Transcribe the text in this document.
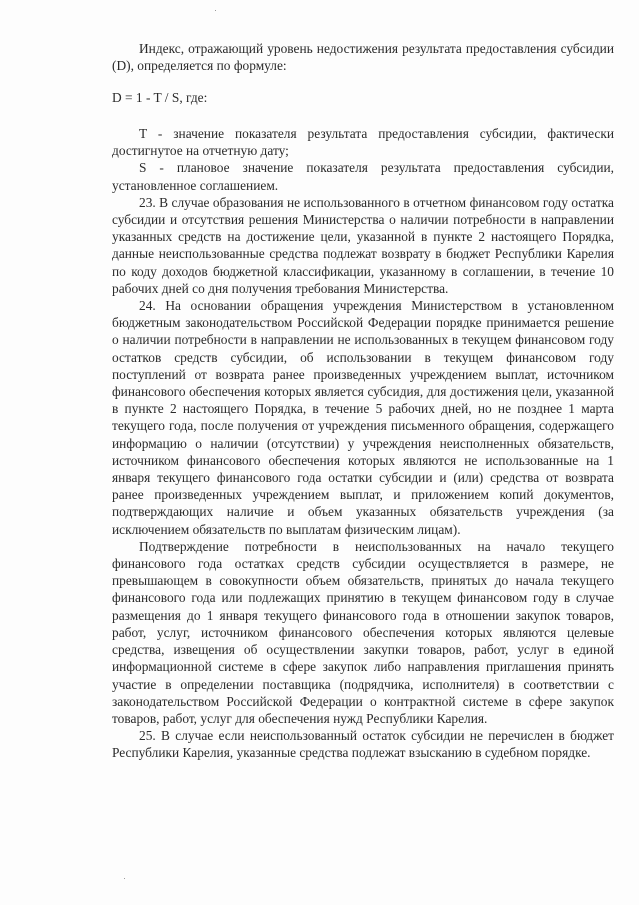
Индекс, отражающий уровень недостижения результата предоставления субсидии (D), определяется по формуле:

D = 1 - T / S, где:

T - значение показателя результата предоставления субсидии, фактически достигнутое на отчетную дату;

S - плановое значение показателя результата предоставления субсидии, установленное соглашением.

23. В случае образования не использованного в отчетном финансовом году остатка субсидии и отсутствия решения Министерства о наличии потребности в направлении указанных средств на достижение цели, указанной в пункте 2 настоящего Порядка, данные неиспользованные средства подлежат возврату в бюджет Республики Карелия по коду доходов бюджетной классификации, указанному в соглашении, в течение 10 рабочих дней со дня получения требования Министерства.

24. На основании обращения учреждения Министерством в установленном бюджетным законодательством Российской Федерации порядке принимается решение о наличии потребности в направлении не использованных в текущем финансовом году остатков средств субсидии, об использовании в текущем финансовом году поступлений от возврата ранее произведенных учреждением выплат, источником финансового обеспечения которых является субсидия, для достижения цели, указанной в пункте 2 настоящего Порядка, в течение 5 рабочих дней, но не позднее 1 марта текущего года, после получения от учреждения письменного обращения, содержащего информацию о наличии (отсутствии) у учреждения неисполненных обязательств, источником финансового обеспечения которых являются не использованные на 1 января текущего финансового года остатки субсидии и (или) средства от возврата ранее произведенных учреждением выплат, и приложением копий документов, подтверждающих наличие и объем указанных обязательств учреждения (за исключением обязательств по выплатам физическим лицам).

Подтверждение потребности в неиспользованных на начало текущего финансового года остатках средств субсидии осуществляется в размере, не превышающем в совокупности объем обязательств, принятых до начала текущего финансового года или подлежащих принятию в текущем финансовом году в случае размещения до 1 января текущего финансового года в отношении закупок товаров, работ, услуг, источником финансового обеспечения которых являются целевые средства, извещения об осуществлении закупки товаров, работ, услуг в единой информационной системе в сфере закупок либо направления приглашения принять участие в определении поставщика (подрядчика, исполнителя) в соответствии с законодательством Российской Федерации о контрактной системе в сфере закупок товаров, работ, услуг для обеспечения нужд Республики Карелия.

25. В случае если неиспользованный остаток субсидии не перечислен в бюджет Республики Карелия, указанные средства подлежат взысканию в судебном порядке.
